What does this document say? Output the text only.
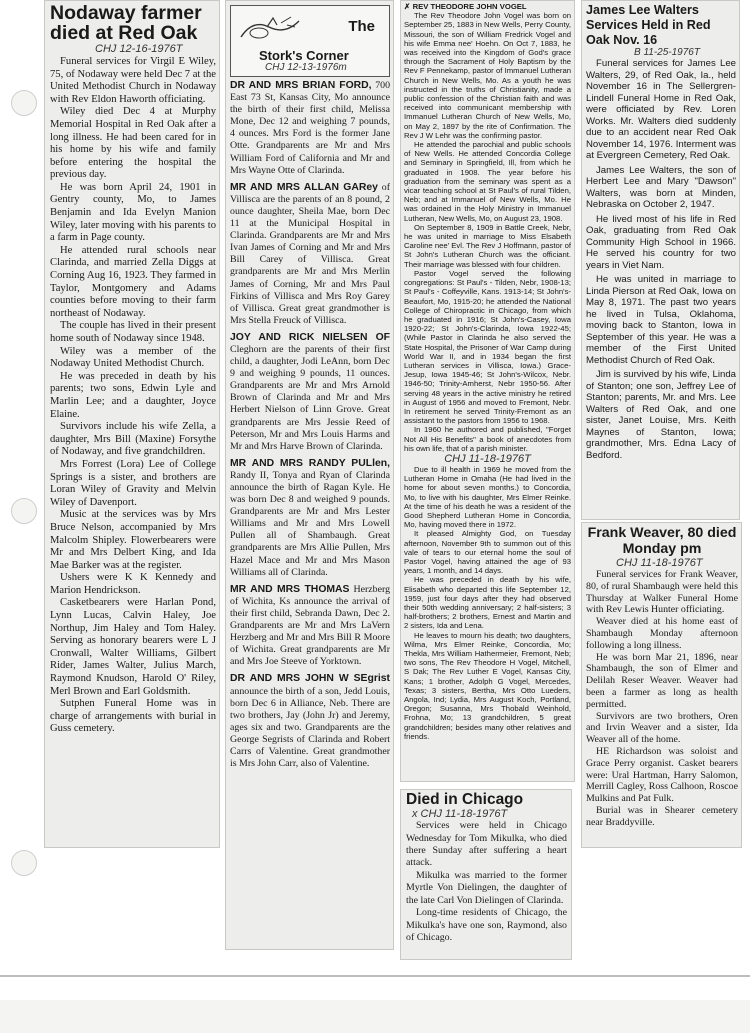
Nodaway farmer died at Red Oak
CHJ 12-16-1976T

Funeral services for Virgil E Wiley, 75, of Nodaway were held Dec 7 at the United Methodist Church in Nodaway with Rev Eldon Haworth officiating.

Wiley died Dec 4 at Murphy Memorial Hospital in Red Oak after a long illness. He had been cared for in his home by his wife and family before entering the hospital the previous day.

He was born April 24, 1901 in Gentry county, Mo, to James Benjamin and Ida Evelyn Manion Wiley, later moving with his parents to a farm in Page county.

He attended rural schools near Clarinda, and married Zella Diggs at Corning Aug 16, 1923. They farmed in Taylor, Montgomery and Adams counties before moving to their farm northeast of Nodaway.

The couple has lived in their present home south of Nodaway since 1948.

Wiley was a member of the Nodaway United Methodist Church.

He was preceded in death by his parents; two sons, Edwin Lyle and Marlin Lee; and a daughter, Joyce Elaine.

Survivors include his wife Zella, a daughter, Mrs Bill (Maxine) Forsythe of Nodaway, and five grandchildren.

Mrs Forrest (Lora) Lee of College Springs is a sister, and brothers are Loran Wiley of Gravity and Melvin Wiley of Davenport.

Music at the services was by Mrs Bruce Nelson, accompanied by Mrs Malcolm Shipley. Flowerbearers were Mr and Mrs Delbert King, and Ida Mae Barker was at the register.

Ushers were K K Kennedy and Marion Hendrickson.

Casketbearers were Harlan Pond, Lynn Lucas, Calvin Haley, Joe Northup, Jim Haley and Tom Haley. Serving as honorary bearers were L J Cronwall, Walter Williams, Gilbert Rider, James Walter, Julius March, Raymond Knudson, Harold O' Riley, Merl Brown and Earl Goldsmith.

Sutphen Funeral Home was in charge of arrangements with burial in Guss cemetery.

The
Stork's Corner
CHJ 12-13-1976m
DR AND MRS BRIAN FORD, 700 East 73 St, Kansas City, Mo announce the birth of their first child, Melissa Mone, Dec 12 and weighing 7 pounds, 4 ounces. Mrs Ford is the former Jane Otte. Grandparents are Mr and Mrs William Ford of California and Mr and Mrs Wayne Otte of Clarinda.
MR AND MRS ALLAN GARey of Villisca are the parents of an 8 pound, 2 ounce daughter, Sheila Mae, born Dec 11 at the Municipal Hospital in Clarinda. Grandparents are Mr and Mrs Ivan James of Corning and Mr and Mrs Bill Carey of Villisca. Great grandparents are Mr and Mrs Merlin James of Corning, Mr and Mrs Paul Firkins of Villisca and Mrs Roy Garey of Villisca. Great great grandmother is Mrs Stella Freuck of Villisca.
JOY AND RICK NIELSEN OF Cleghorn are the parents of their first child, a daughter, Jodi LeAnn, born Dec 9 and weighing 9 pounds, 11 ounces. Grandparents are Mr and Mrs Arnold Brown of Clarinda and Mr and Mrs Herbert Nielson of Linn Grove. Great grandparents are Mrs Jessie Reed of Peterson, Mr and Mrs Louis Harms and Mr and Mrs Harve Brown of Clarinda.
MR AND MRS RANDY PULlen, Randy II, Tonya and Ryan of Clarinda announce the birth of Ragan Kyle. He was born Dec 8 and weighed 9 pounds. Grandparents are Mr and Mrs Lester Williams and Mr and Mrs Lowell Pullen all of Shambaugh. Great grandparents are Mrs Allie Pullen, Mrs Hazel Mace and Mr and Mrs Mason Williams all of Clarinda.
MR AND MRS THOMAS Herzberg of Wichita, Ks announce the arrival of their first child, Sebranda Dawn, Dec 2. Grandparents are Mr and Mrs LaVern Herzberg and Mr and Mrs Bill R Moore of Wichita. Great grandparents are Mr and Mrs Joe Steeve of Yorktown.
DR AND MRS JOHN W SEgrist announce the birth of a son, Jedd Louis, born Dec 6 in Alliance, Neb. There are two brothers, Jay (John Jr) and Jeremy, ages six and two. Grandparents are the George Segrists of Clarinda and Robert Carrs of Valentine. Great grandmother is Mrs John Carr, also of Valentine.
✗ REV THEODORE JOHN VOGEL

The Rev Theodore John Vogel was born on September 25, 1883 in New Wells, Perry County, Missouri, the son of William Fredrick Vogel and his wife Emma nee' Hoehn. On Oct 7, 1883, he was received into the Kingdom of God's grace through the Sacrament of Holy Baptism by the Rev F Pennekamp, pastor of Immanuel Lutheran Church in New Wells, Mo. As a youth he was instructed in the truths of Christianity, made a public confession of the Christian faith and was received into communicant membership with Immanuel Lutheran Church of New Wells, Mo, on May 2, 1897 by the rite of Confirmation. The Rev J W Lehr was the confirming pastor.

He attended the parochial and public schools of New Wells. He attended Concordia College and Seminary in Springfield, Ill, from which he graduated in 1908. The year before his graduation from the seminary was spent as a vicar teaching school at St Paul's of rural Tilden, Neb; and at Immanuel of New Wells, Mo. He was ordained in the Holy Ministry in Immanuel Lutheran, New Wells, Mo, on August 23, 1908.

On September 8, 1909 in Battle Creek, Nebr, he was united in marriage to Miss Elsabeth Caroline nee' Evl. The Rev J Hoffmann, pastor of St John's Lutheran Church was the officiant. Their marriage was blessed with four children.

Pastor Vogel served the following congregations: St Paul's - Tilden, Nebr, 1908-13; St Paul's - Coffeyville, Kans. 1913-14; St John's-Beaufort, Mo, 1915-20; he attended the National College of Chiropractic in Chicago, from which he graduated in 1916; St John's-Casey, Iowa 1920-22; St John's-Clarinda, Iowa 1922-45; (While Pastor in Clarinda he also served the State Hospital, the Prisoner of War Camp during World War II, and in 1934 began the first Lutheran services in Villisca, Iowa.) Grace-Jesup, Iowa 1945-46; St John's-Wilcox, Nebr. 1946-50; Trinity-Amherst, Nebr 1950-56. After serving 48 years in the active ministry he retired in August of 1956 and moved to Fremont, Nebr. In retirement he served Trinity-Fremont as an assistant to the pastors from 1956 to 1968.

In 1960 he authored and published, "Forget Not All His Benefits" a book of anecdotes from his own life, that of a parish minister.

CHJ 11-18-1976T

Due to ill health in 1969 he moved from the Lutheran Home in Omaha (He had lived in the home for about seven months.) to Concordia, Mo, to live with his daughter, Mrs Elmer Reinke. At the time of his death he was a resident of the Good Shepherd Lutheran Home in Concordia, Mo, having moved there in 1972.

It pleased Almighty God, on Tuesday afternoon, November 9th to summon out of this vale of tears to our eternal home the soul of Pastor Vogel, having attained the age of 93 years, 1 month, and 14 days.

He was preceded in death by his wife, Elisabeth who departed this life September 12, 1959, just four days after they had observed their 50th wedding anniversary; 2 half-sisters; 3 half-brothers; 2 brothers, Ernest and Martin and 2 sisters, Ida and Lena.

He leaves to mourn his death; two daughters, Wilma, Mrs Elmer Reinke, Concordia, Mo; Thekla, Mrs William Hathermeier, Fremont, Neb; two sons, The Rev Theodore H Vogel, Mitchell, S Dak; The Rev Luther E Vogel, Kansas City, Kans; 1 brother, Adolph G Vogel, Mercedes, Texas; 3 sisters, Bertha, Mrs Otto Lueders, Angola, Ind; Lydia, Mrs August Koch, Portland, Oregon; Susanna, Mrs Thobald Weinhold, Frohna, Mo; 13 grandchildren, 5 great grandchildren; besides many other relatives and friends.

Died in Chicago
x CHJ 11-18-1976T

Services were held in Chicago Wednesday for Tom Mikulka, who died there Sunday after suffering a heart attack.

Mikulka was married to the former Myrtle Von Dielingen, the daughter of the late Carl Von Dielingen of Clarinda.

Long-time residents of Chicago, the Mikulka's have one son, Raymond, also of Chicago.

James Lee Walters Services Held in Red Oak Nov. 16
B 11-25-1976T

Funeral services for James Lee Walters, 29, of Red Oak, Ia., held November 16 in The Sellergren-Lindell Funeral Home in Red Oak, were officiated by Rev. Loren Works. Mr. Walters died suddenly due to an accident near Red Oak November 14, 1976. Interment was at Evergreen Cemetery, Red Oak.

James Lee Walters, the son of Herbert Lee and Mary "Dawson" Walters, was born at Minden, Nebraska on October 2, 1947.

He lived most of his life in Red Oak, graduating from Red Oak Community High School in 1966. He served his country for two years in Viet Nam.

He was united in marriage to Linda Pierson at Red Oak, Iowa on May 8, 1971. The past two years he lived in Tulsa, Oklahoma, moving back to Stanton, Iowa in September of this year. He was a member of the First United Methodist Church of Red Oak.

Jim is survived by his wife, Linda of Stanton; one son, Jeffrey Lee of Stanton; parents, Mr. and Mrs. Lee Walters of Red Oak, and one sister, Janet Louise, Mrs. Keith Maynes of Stanton, Iowa; grandmother, Mrs. Edna Lacy of Bedford.

Frank Weaver, 80 died Monday pm
CHJ 11-18-1976T

Funeral services for Frank Weaver, 80, of rural Shambaugh were held this Thursday at Walker Funeral Home with Rev Lewis Hunter officiating.

Weaver died at his home east of Shambaugh Monday afternoon following a long illness.

He was born Mar 21, 1896, near Shambaugh, the son of Elmer and Delilah Reser Weaver. Weaver had been a farmer as long as health permitted.

Survivors are two brothers, Oren and Irvin Weaver and a sister, Ida Weaver all of the home.

HE Richardson was soloist and Grace Perry organist. Casket bearers were: Ural Hartman, Harry Salomon, Merrill Cagley, Ross Calhoon, Roscoe Mulkins and Pat Fulk.

Burial was in Shearer cemetery near Braddyville.
